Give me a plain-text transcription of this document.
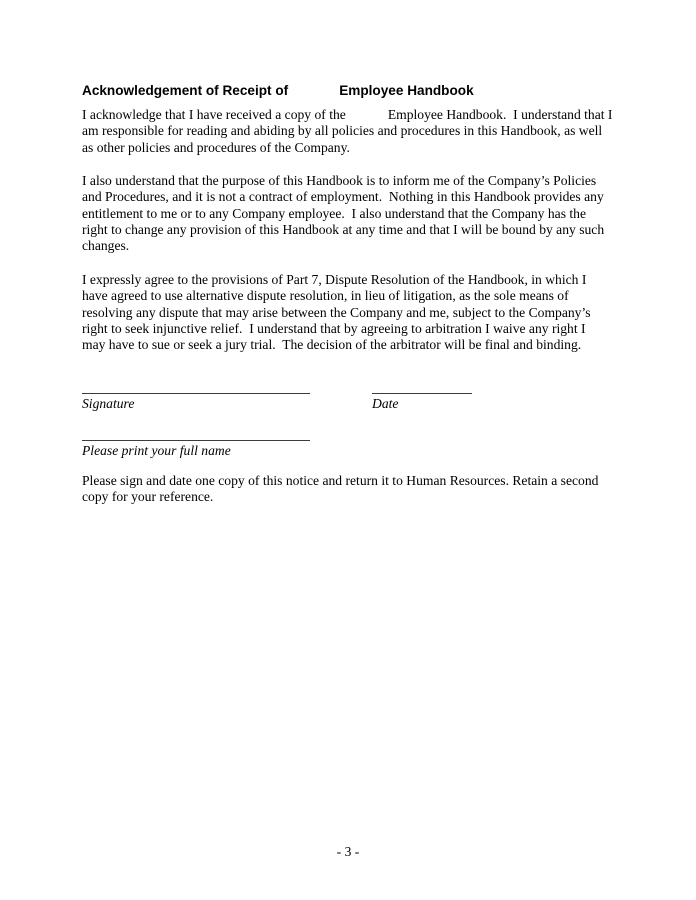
Acknowledgement of Receipt of	Employee Handbook
I acknowledge that I have received a copy of the	Employee Handbook.  I understand that I
am responsible for reading and abiding by all policies and procedures in this Handbook, as well
as other policies and procedures of the Company.
I also understand that the purpose of this Handbook is to inform me of the Company’s Policies
and Procedures, and it is not a contract of employment.  Nothing in this Handbook provides any
entitlement to me or to any Company employee.  I also understand that the Company has the
right to change any provision of this Handbook at any time and that I will be bound by any such
changes.
I expressly agree to the provisions of Part 7, Dispute Resolution of the Handbook, in which I
have agreed to use alternative dispute resolution, in lieu of litigation, as the sole means of
resolving any dispute that may arise between the Company and me, subject to the Company’s
right to seek injunctive relief.  I understand that by agreeing to arbitration I waive any right I
may have to sue or seek a jury trial.  The decision of the arbitrator will be final and binding.
Signature	Date
Please print your full name
Please sign and date one copy of this notice and return it to Human Resources. Retain a second
copy for your reference.
- 3 -
